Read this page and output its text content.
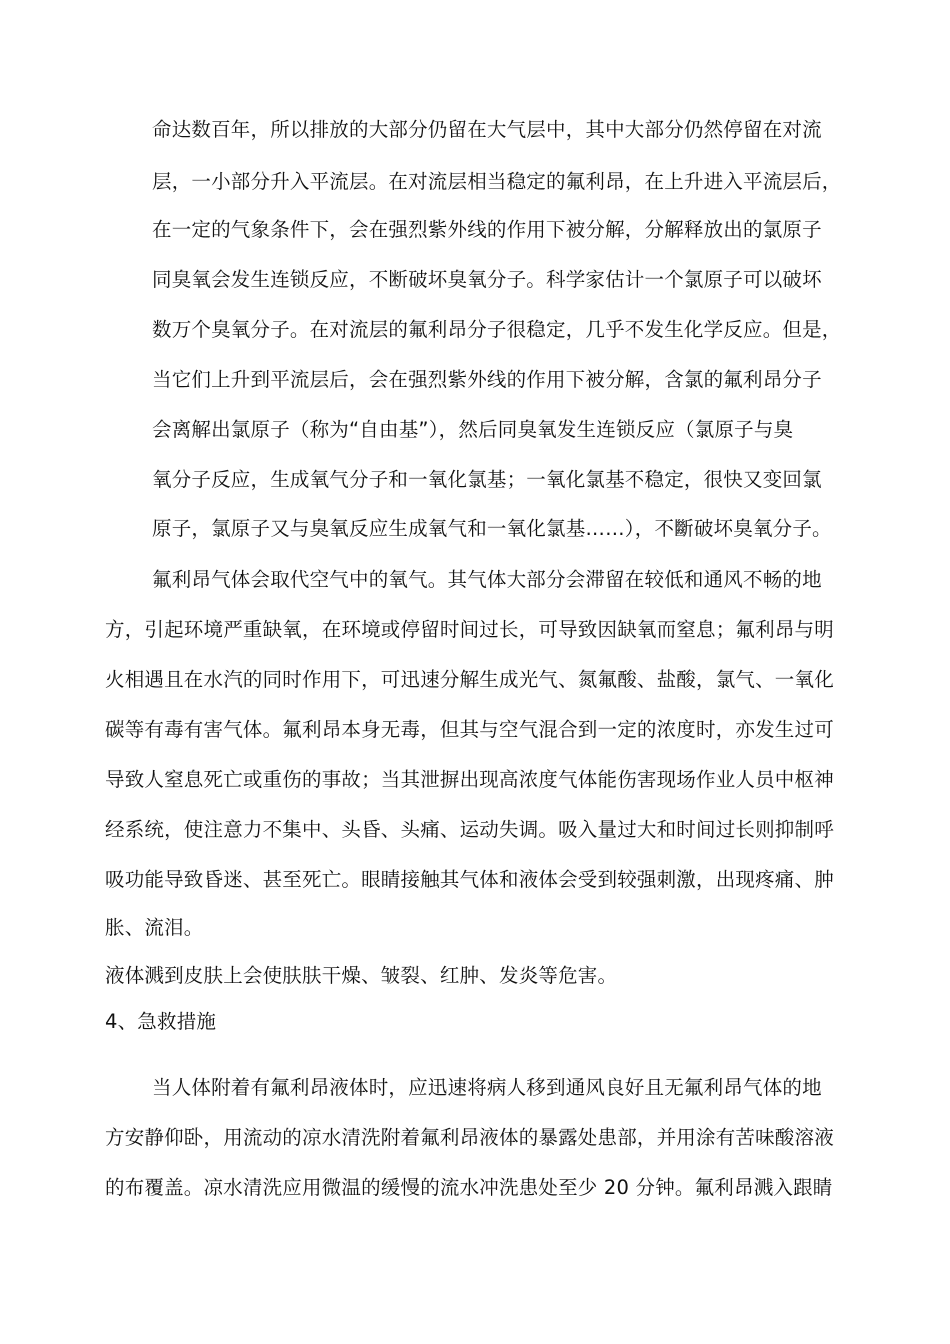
命达数百年，所以排放的大部分仍留在大气层中，其中大部分仍然停留在对流
层，一小部分升入平流层。在对流层相当稳定的氟利昂，在上升进入平流层后，
在一定的气象条件下，会在强烈紫外线的作用下被分解，分解释放出的氯原子
同臭氧会发生连锁反应，不断破坏臭氧分子。科学家估计一个氯原子可以破坏
数万个臭氧分子。在对流层的氟利昂分子很稳定，几乎不发生化学反应。但是，
当它们上升到平流层后，会在强烈紫外线的作用下被分解，含氯的氟利昂分子
会离解出氯原子（称为“自由基”），然后同臭氧发生连锁反应（氯原子与臭
氧分子反应，生成氧气分子和一氧化氯基；一氧化氯基不稳定，很快又变回氯
原子，氯原子又与臭氧反应生成氧气和一氧化氯基……），不斷破坏臭氧分子。
氟利昂气体会取代空气中的氧气。其气体大部分会滞留在较低和通风不畅的地
方，引起环境严重缺氧，在环境或停留时间过长，可导致因缺氧而窒息；氟利昂与明
火相遇且在水汽的同时作用下，可迅速分解生成光气、氮氟酸、盐酸，氯气、一氧化
碳等有毒有害气体。氟利昂本身无毒，但其与空气混合到一定的浓度时，亦发生过可
导致人窒息死亡或重伤的事故；当其泄摒出现高浓度气体能伤害现场作业人员中枢神
经系统，使注意力不集中、头昏、头痛、运动失调。吸入量过大和时间过长则抑制呼
吸功能导致昏迷、甚至死亡。眼睛接触其气体和液体会受到较强刺激，出现疼痛、肿
胀、流泪。
液体溅到皮肤上会使肤肤干燥、皱裂、红肿、发炎等危害。
4、急救措施
当人体附着有氟利昂液体时，应迅速将病人移到通风良好且无氟利昂气体的地
方安静仰卧，用流动的凉水清洗附着氟利昂液体的暴露处患部，并用涂有苦味酸溶液
的布覆盖。凉水清洗应用微温的缓慢的流水冲洗患处至少 20 分钟。氟利昂溅入跟睛
